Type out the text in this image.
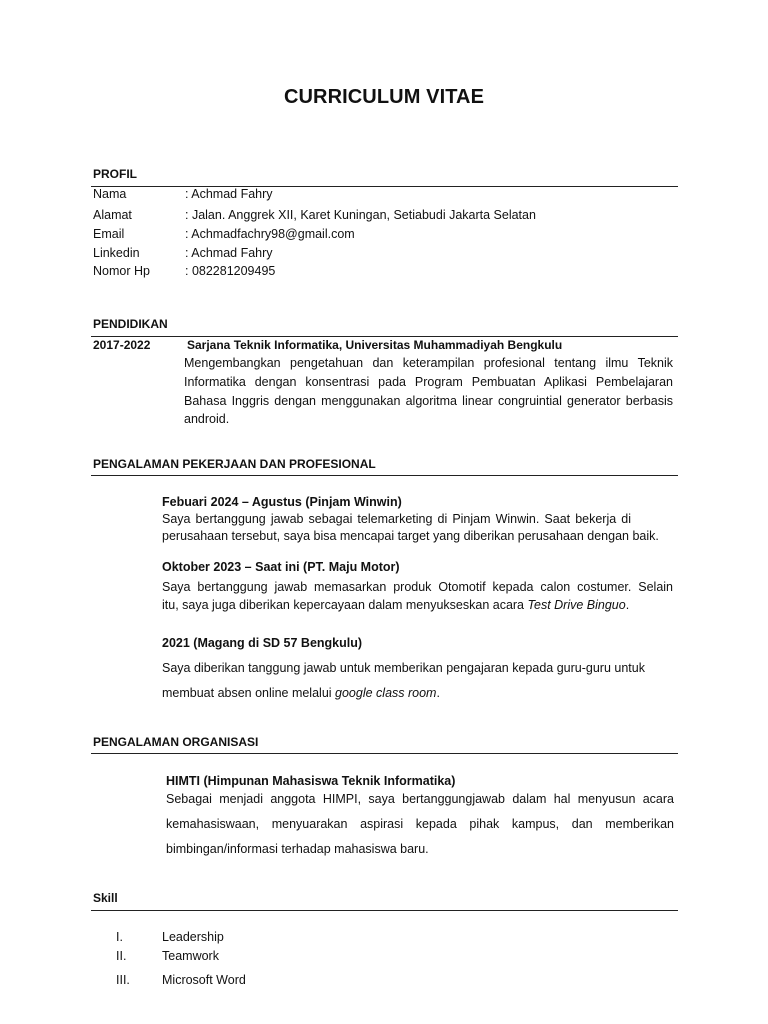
CURRICULUM VITAE
PROFIL
Nama	: Achmad Fahry
Alamat	: Jalan. Anggrek XII, Karet Kuningan, Setiabudi Jakarta Selatan
Email	: Achmadfachry98@gmail.com
Linkedin	: Achmad Fahry
Nomor Hp	: 082281209495
PENDIDIKAN
2017-2022	Sarjana Teknik Informatika, Universitas Muhammadiyah Bengkulu
Mengembangkan pengetahuan dan keterampilan profesional tentang ilmu Teknik
Informatika dengan konsentrasi pada Program Pembuatan Aplikasi Pembelajaran
Bahasa Inggris dengan menggunakan algoritma linear congruintial generator berbasis
android.
PENGALAMAN PEKERJAAN DAN PROFESIONAL
Febuari 2024 – Agustus (Pinjam Winwin)
Saya bertanggung jawab sebagai telemarketing di Pinjam Winwin. Saat bekerja di
perusahaan tersebut, saya bisa mencapai target yang diberikan perusahaan dengan baik.
Oktober 2023 – Saat ini (PT. Maju Motor)
Saya bertanggung jawab memasarkan produk Otomotif kepada calon costumer. Selain
itu, saya juga diberikan kepercayaan dalam menyukseskan acara Test Drive Binguo.
2021 (Magang di SD 57 Bengkulu)
Saya diberikan tanggung jawab untuk memberikan pengajaran kepada guru-guru untuk
membuat absen online melalui google class room.
PENGALAMAN ORGANISASI
HIMTI (Himpunan Mahasiswa Teknik Informatika)
Sebagai menjadi anggota HIMPI, saya bertanggungjawab dalam hal menyusun acara
kemahasiswaan, menyuarakan aspirasi kepada pihak kampus, dan memberikan
bimbingan/informasi terhadap mahasiswa baru.
Skill
I.	Leadership
II.	Teamwork
III.	Microsoft Word
